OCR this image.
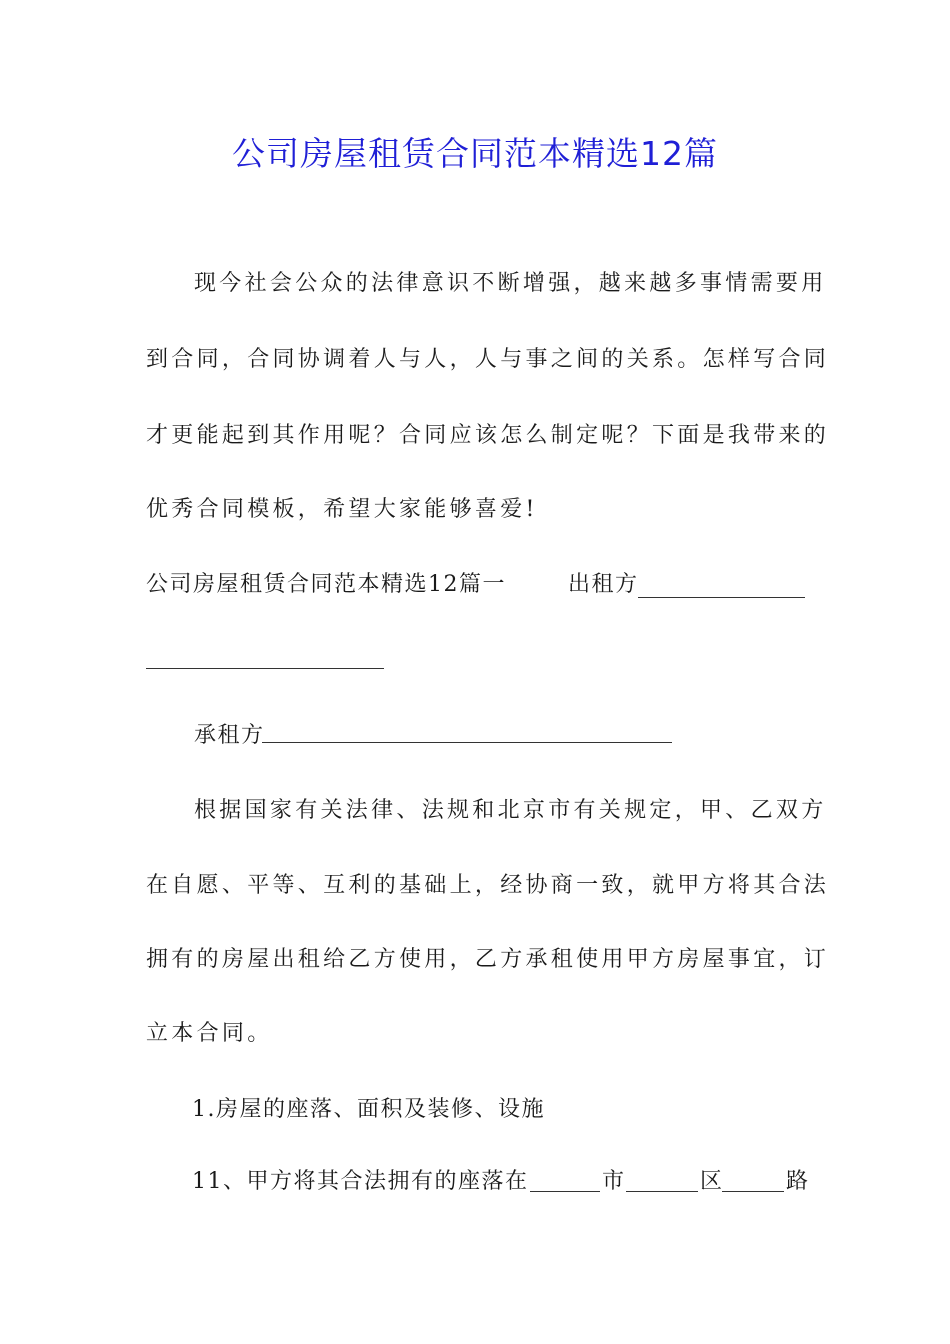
公司房屋租赁合同范本精选12篇
现今社会公众的法律意识不断增强，越来越多事情需要用
到合同，合同协调着人与人，人与事之间的关系。怎样写合同
才更能起到其作用呢？合同应该怎么制定呢？下面是我带来的
优秀合同模板，希望大家能够喜爱!
公司房屋租赁合同范本精选12篇一	出租方
承租方
根据国家有关法律、法规和北京市有关规定，甲、乙双方
在自愿、平等、互利的基础上，经协商一致，就甲方将其合法
拥有的房屋出租给乙方使用，乙方承租使用甲方房屋事宜，订
立本合同。
1.房屋的座落、面积及装修、设施
11、甲方将其合法拥有的座落在	市	区	路
